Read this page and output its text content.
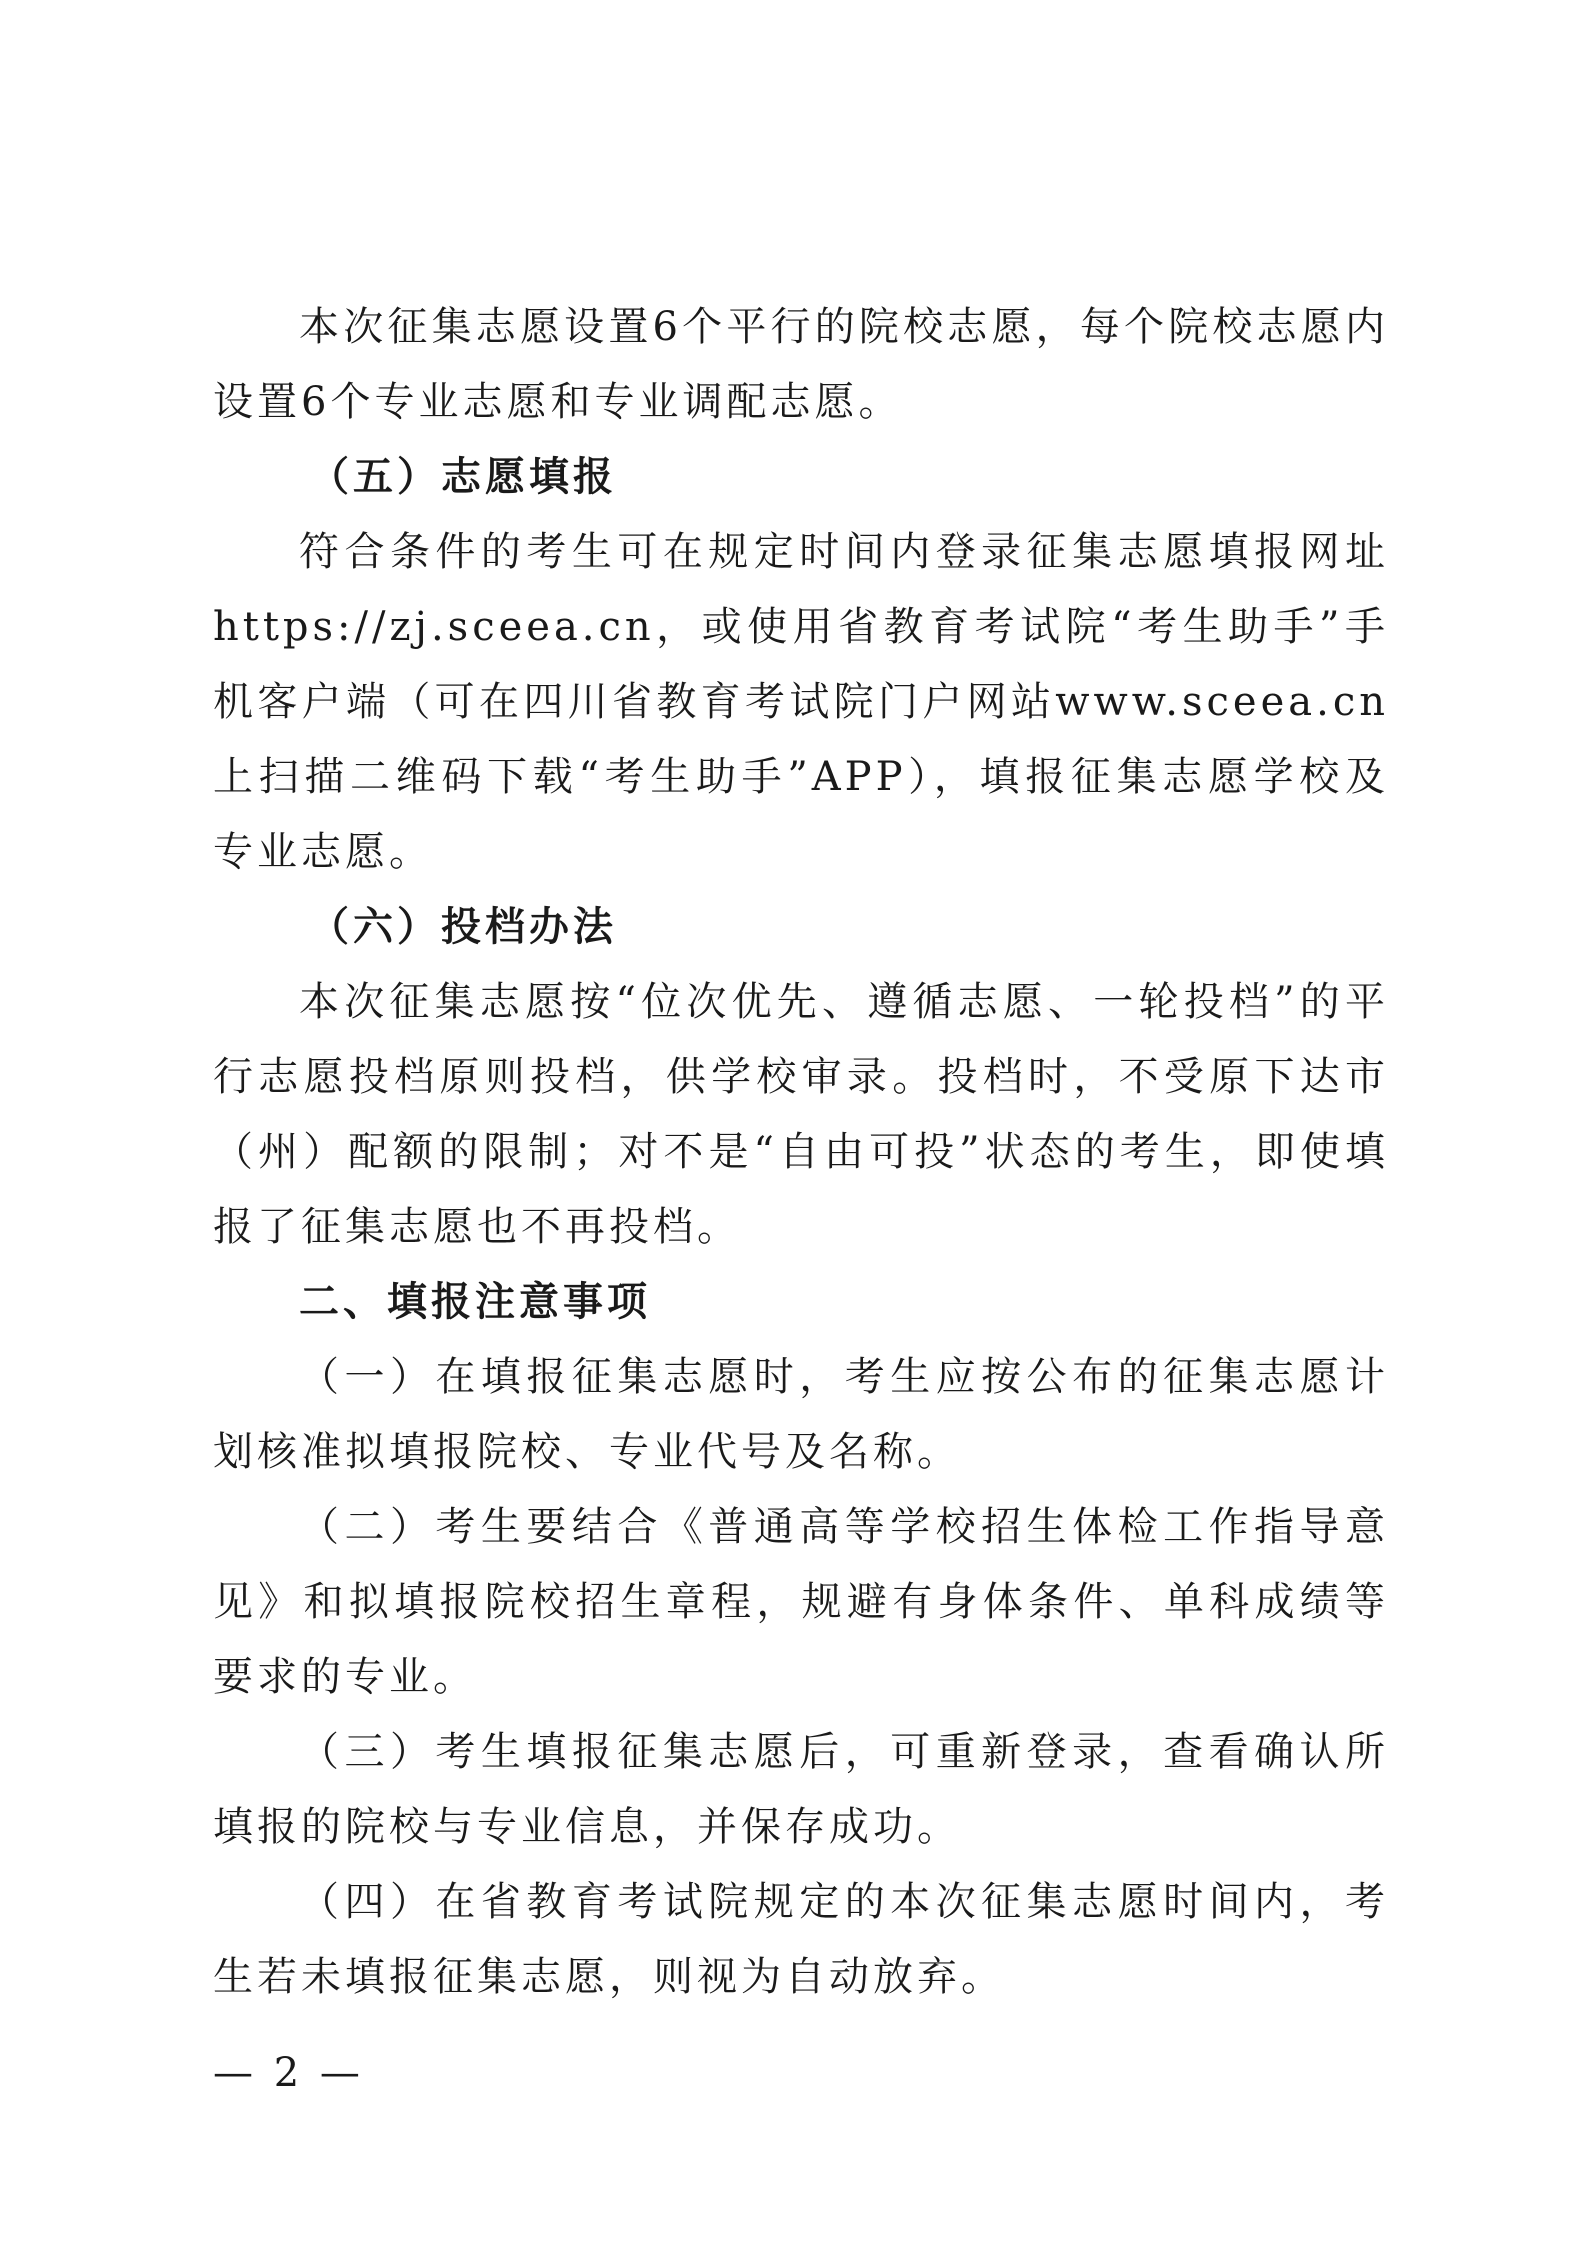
本次征集志愿设置6个平行的院校志愿，每个院校志愿内设置6个专业志愿和专业调配志愿。

（五）志愿填报

符合条件的考生可在规定时间内登录征集志愿填报网址https://zj.sceea.cn，或使用省教育考试院“考生助手”手机客户端（可在四川省教育考试院门户网站www.sceea.cn上扫描二维码下载“考生助手”APP），填报征集志愿学校及专业志愿。

（六）投档办法

本次征集志愿按“位次优先、遵循志愿、一轮投档”的平行志愿投档原则投档，供学校审录。投档时，不受原下达市（州）配额的限制；对不是“自由可投”状态的考生，即使填报了征集志愿也不再投档。

二、填报注意事项

（一）在填报征集志愿时，考生应按公布的征集志愿计划核准拟填报院校、专业代号及名称。

（二）考生要结合《普通高等学校招生体检工作指导意见》和拟填报院校招生章程，规避有身体条件、单科成绩等要求的专业。

（三）考生填报征集志愿后，可重新登录，查看确认所填报的院校与专业信息，并保存成功。

（四）在省教育考试院规定的本次征集志愿时间内，考生若未填报征集志愿，则视为自动放弃。

— 2 —
